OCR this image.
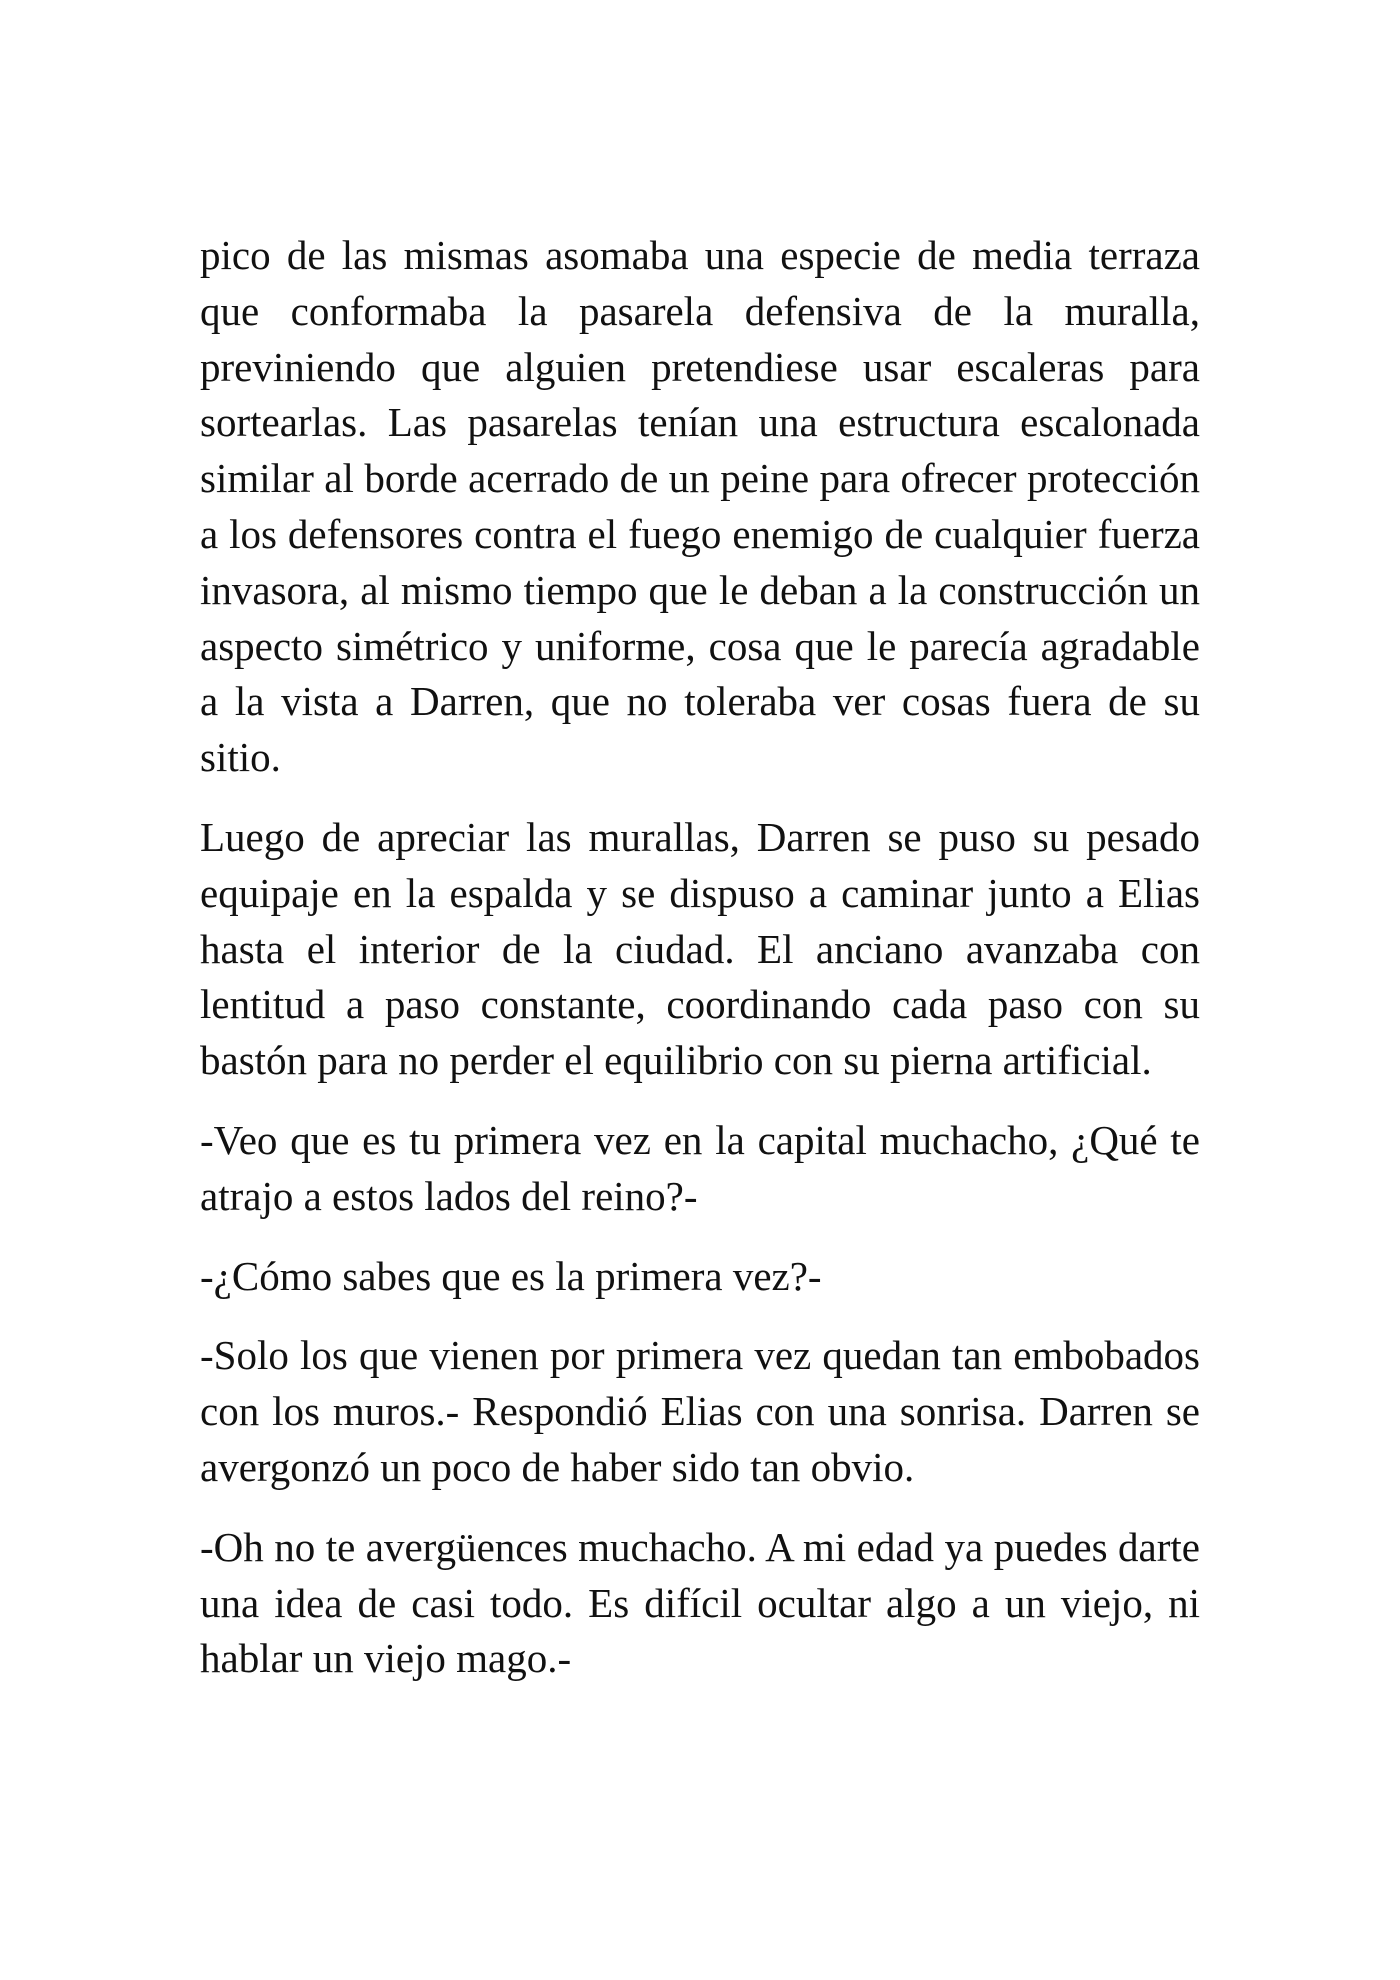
pico de las mismas asomaba una especie de media terraza que conformaba la pasarela defensiva de la muralla, previniendo que alguien pretendiese usar escaleras para sortearlas. Las pasarelas tenían una estructura escalonada similar al borde acerrado de un peine para ofrecer protección a los defensores contra el fuego enemigo de cualquier fuerza invasora, al mismo tiempo que le deban a la construcción un aspecto simétrico y uniforme, cosa que le parecía agradable a la vista a Darren, que no toleraba ver cosas fuera de su sitio.

Luego de apreciar las murallas, Darren se puso su pesado equipaje en la espalda y se dispuso a caminar junto a Elias hasta el interior de la ciudad. El anciano avanzaba con lentitud a paso constante, coordinando cada paso con su bastón para no perder el equilibrio con su pierna artificial.

-Veo que es tu primera vez en la capital muchacho, ¿Qué te atrajo a estos lados del reino?-

-¿Cómo sabes que es la primera vez?-

-Solo los que vienen por primera vez quedan tan embobados con los muros.- Respondió Elias con una sonrisa. Darren se avergonzó un poco de haber sido tan obvio.

-Oh no te avergüences muchacho. A mi edad ya puedes darte una idea de casi todo. Es difícil ocultar algo a un viejo, ni hablar un viejo mago.-
